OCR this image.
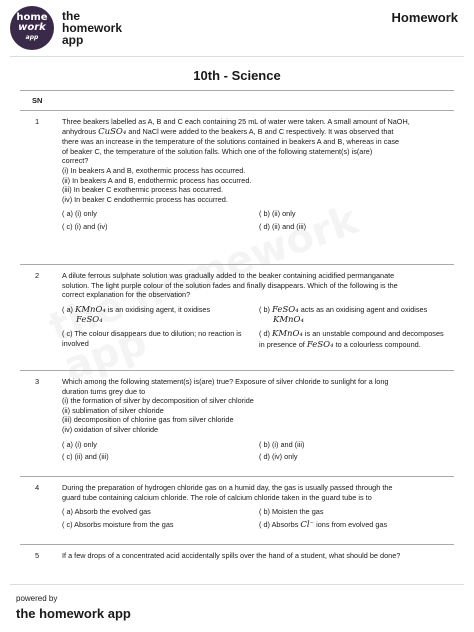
home
work
app
the
homework
app
Homework
10th - Science
SN
1	Three beakers labelled as A, B and C each containing 25 mL of water were taken. A small amount of NaOH,
anhydrous CuSO₄ and NaCl were added to the beakers A, B and C respectively. It was observed that
there was an increase in the temperature of the solutions contained in beakers A and B, whereas in case
of beaker C, the temperature of the solution falls. Which one of the following statement(s) is(are)
correct?
(i) In beakers A and B, exothermic process has occurred.
(ii) In beakers A and B, endothermic process has occurred.
(iii) In beaker C exothermic process has occurred.
(iv) In beaker C endothermic process has occurred.
( a) (i) only	( b) (ii) only
( c) (i) and (iv)	( d) (ii) and (iii)
2	A dilute ferrous sulphate solution was gradually added to the beaker containing acidified permanganate
solution. The light purple colour of the solution fades and finally disappears. Which of the following is the
correct explanation for the observation?
( a) KMnO₄ is an oxidising agent, it oxidises
FeSO₄
( b) FeSO₄ acts as an oxidising agent and oxidises
KMnO₄
( c) The colour disappears due to dilution; no reaction is involved
( d) KMnO₄ is an unstable compound and decomposes in presence of FeSO₄ to a colourless compound.
3	Which among the following statement(s) is(are) true? Exposure of silver chloride to sunlight for a long
duration turns grey due to
(i) the formation of silver by decomposition of silver chloride
(ii) sublimation of silver chloride
(iii) decomposition of chlorine gas from silver chloride
(iv) oxidation of silver chloride
( a) (i) only	( b) (i) and (iii)
( c) (ii) and (iii)	( d) (iv) only
4	During the preparation of hydrogen chloride gas on a humid day, the gas is usually passed through the
guard tube containing calcium chloride. The role of calcium chloride taken in the guard tube is to
( a) Absorb the evolved gas	( b) Moisten the gas
( c) Absorbs moisture from the gas	( d) Absorbs Cl⁻ ions from evolved gas
5	If a few drops of a concentrated acid accidentally spills over the hand of a student, what should be done?
powered by
the homework app
